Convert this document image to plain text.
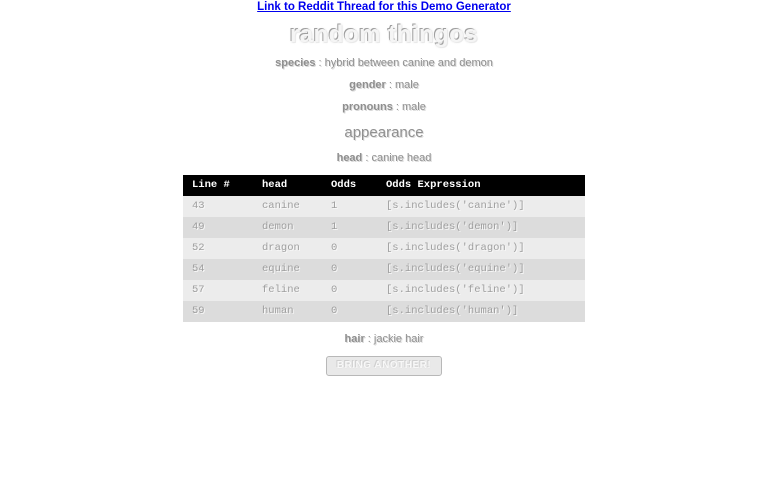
Link to Reddit Thread for this Demo Generator

random thingos

species : hybrid between canine and demon

gender : male

pronouns : male

appearance

head : canine head

Line #	head	Odds	Odds Expression
43	canine	1	[s.includes('canine')]
49	demon	1	[s.includes('demon')]
52	dragon	0	[s.includes('dragon')]
54	equine	0	[s.includes('equine')]
57	feline	0	[s.includes('feline')]
59	human	0	[s.includes('human')]

hair : jackie hair

BRING ANOTHER!
